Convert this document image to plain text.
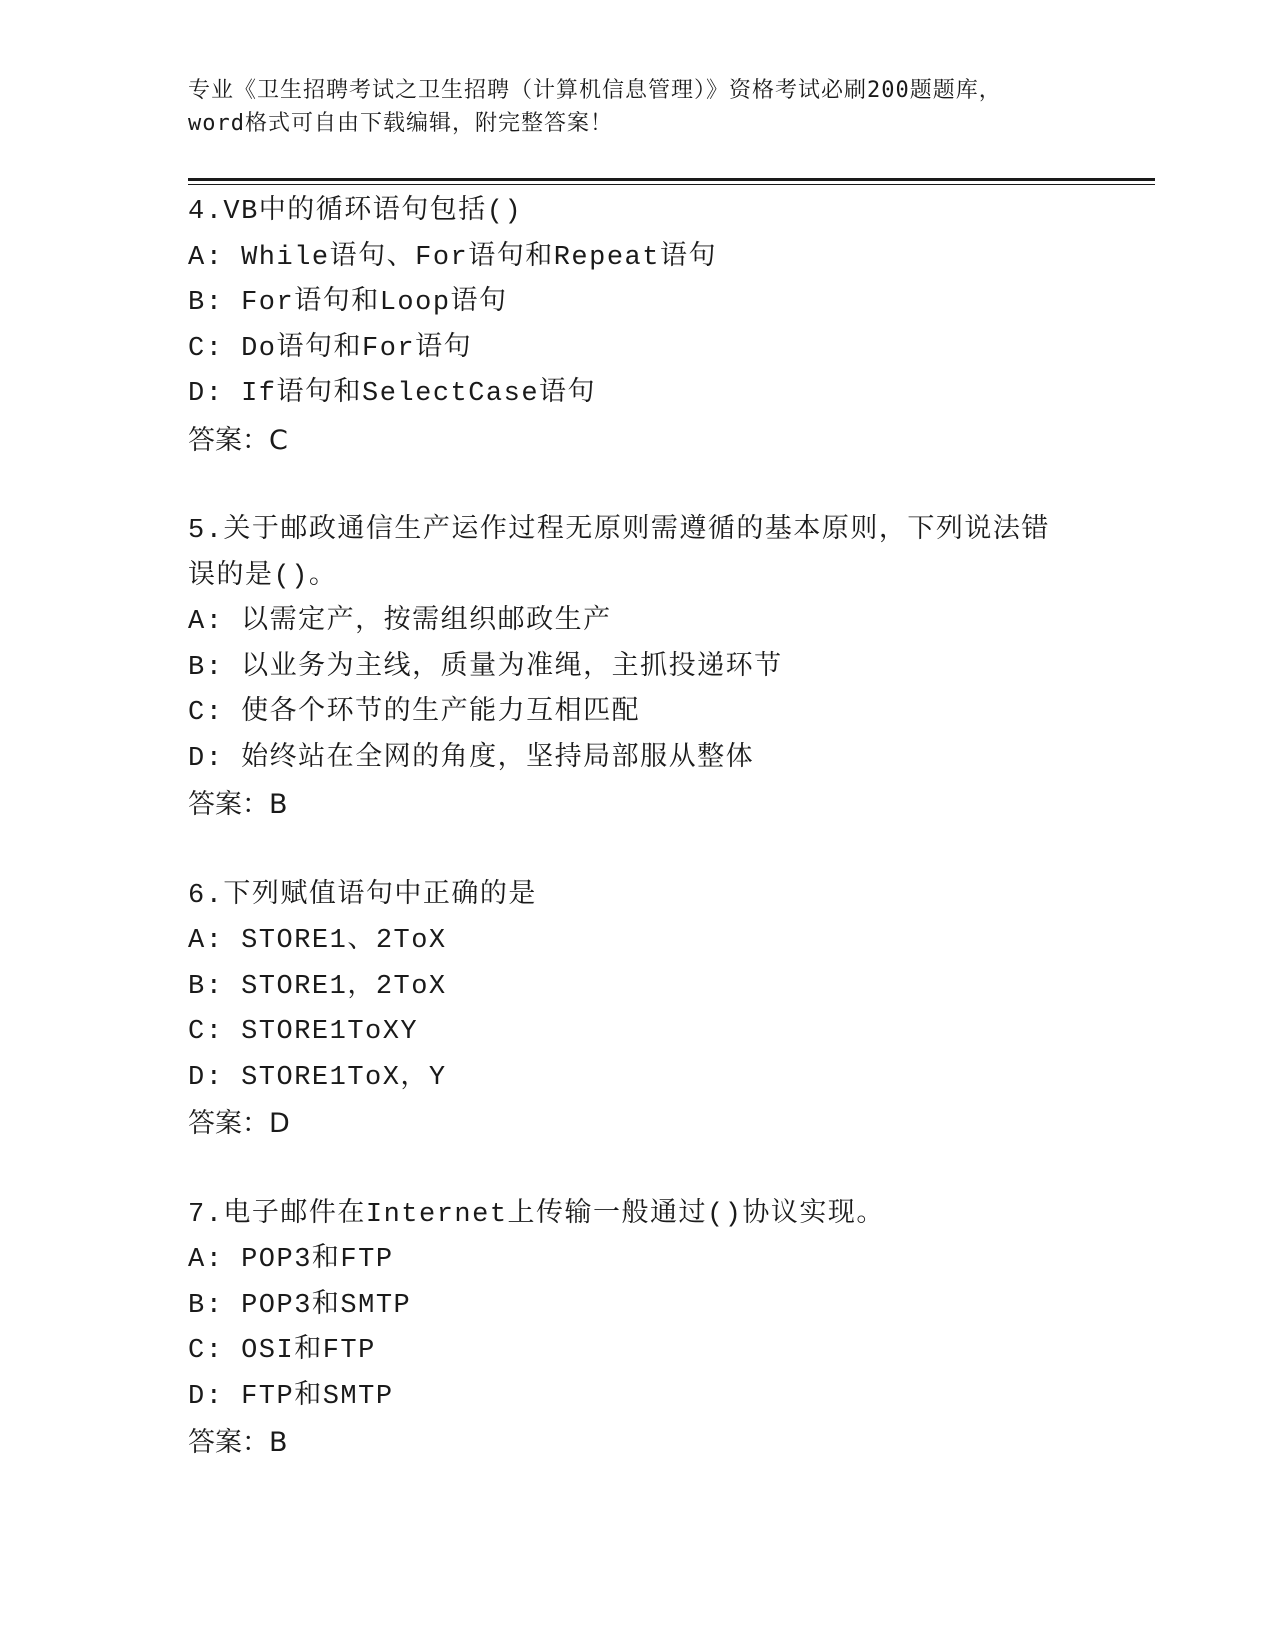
专业《卫生招聘考试之卫生招聘（计算机信息管理）》资格考试必刷200题题库，
word格式可自由下载编辑，附完整答案！
4.VB中的循环语句包括()
A: While语句、For语句和Repeat语句
B: For语句和Loop语句
C: Do语句和For语句
D: If语句和SelectCase语句
答案：C
5.关于邮政通信生产运作过程无原则需遵循的基本原则，下列说法错
误的是()。
A: 以需定产，按需组织邮政生产
B: 以业务为主线，质量为准绳，主抓投递环节
C: 使各个环节的生产能力互相匹配
D: 始终站在全网的角度，坚持局部服从整体
答案：B
6.下列赋值语句中正确的是
A: STORE1、2ToX
B: STORE1，2ToX
C: STORE1ToXY
D: STORE1ToX，Y
答案：D
7.电子邮件在Internet上传输一般通过()协议实现。
A: POP3和FTP
B: POP3和SMTP
C: OSI和FTP
D: FTP和SMTP
答案：B
